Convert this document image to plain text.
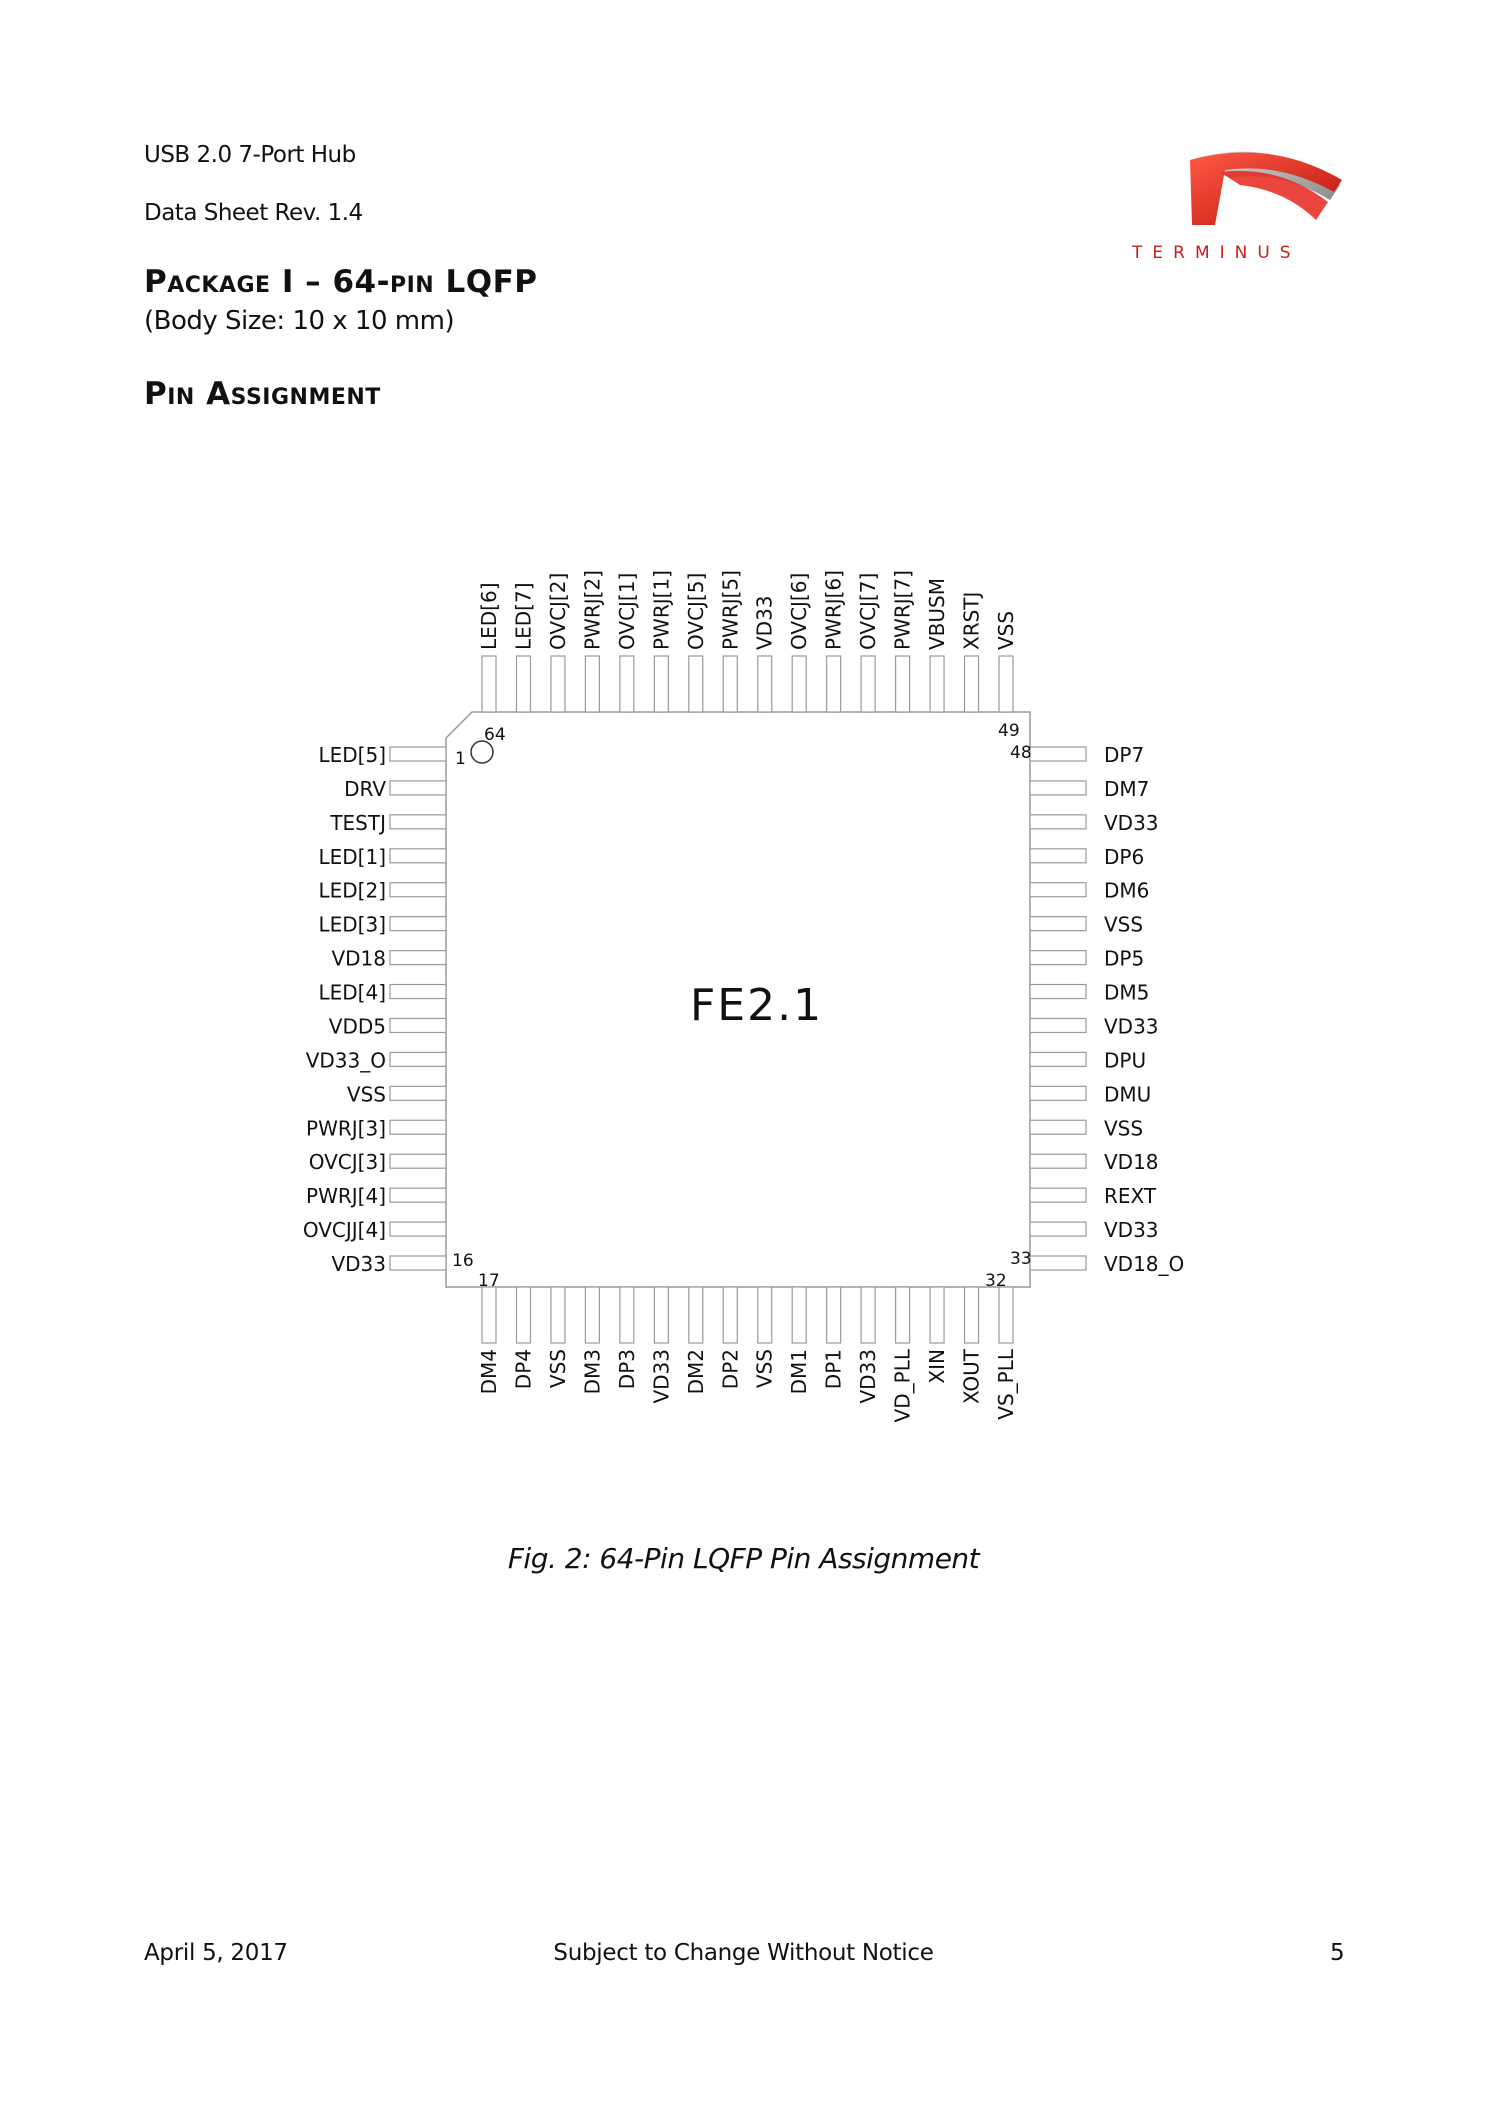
USB 2.0 7-Port Hub
Data Sheet Rev. 1.4
TERMINUS
Package I – 64-pin LQFP
(Body Size: 10 x 10 mm)
Pin Assignment
FE2.1
LED[5]
DRV
TESTJ
LED[1]
LED[2]
LED[3]
VD18
LED[4]
VDD5
VD33_O
VSS
PWRJ[3]
OVCJ[3]
PWRJ[4]
OVCJJ[4]
VD33	VD18_O
VD33
REXT
VD18
VSS
DMU
DPU
VD33
DM5
DP5
VSS
DM6
DP6
VD33
DM7
DP7
DM4 DP4 VSS DM3 DP3 VD33 DM2 DP2 VSS DM1 DP1 VD33 VD_PLL XIN XOUT VS_PLL
VSS
XRSTJ
VBUSM
PWRJ[7]
OVCJ[7]
PWRJ[6]
OVCJ[6]
VD33
PWRJ[5]
OVCJ[5]
PWRJ[1]
OVCJ[1]
PWRJ[2]
OVCJ[2]
LED[7]
LED[6]
1
16
17	32
33
48
49
64
Fig. 2: 64-Pin LQFP Pin Assignment
April 5, 2017	Subject to Change Without Notice	5
